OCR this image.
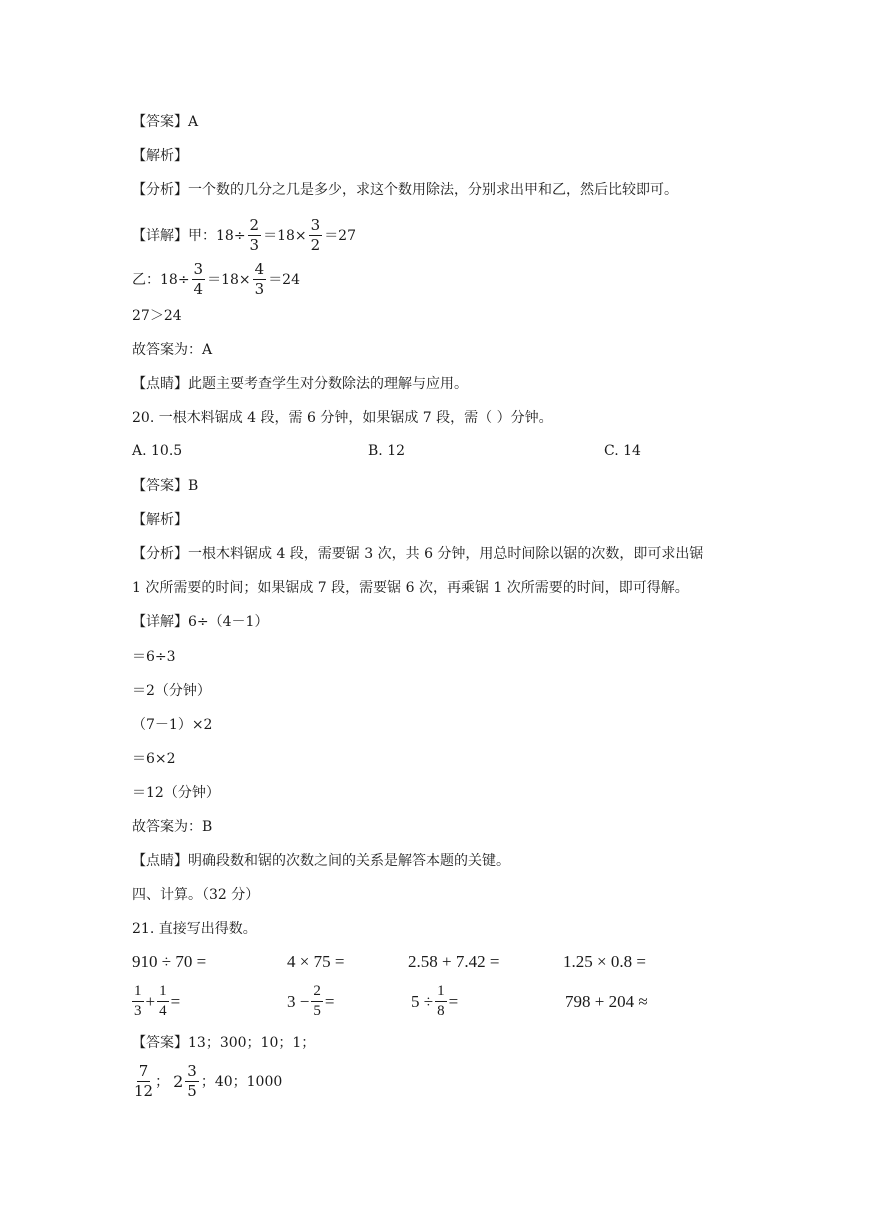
【答案】A
【解析】
【分析】一个数的几分之几是多少，求这个数用除法，分别求出甲和乙，然后比较即可。
【详解】甲：$18\div \frac{2}{3} =18\times \frac{3}{2} =27$
乙：$18\div \frac{3}{4} =18\times \frac{4}{3} =24$
27＞24
故答案为：A
【点睛】此题主要考查学生对分数除法的理解与应用。
20. 一根木料锯成 4 段，需 6 分钟，如果锯成 7 段，需（ ）分钟。
A. 10.5	B. 12	C. 14
【答案】B
【解析】
【分析】一根木料锯成 4 段，需要锯 3 次，共 6 分钟，用总时间除以锯的次数，即可求出锯
1 次所需要的时间；如果锯成 7 段，需要锯 6 次，再乘锯 1 次所需要的时间，即可得解。
【详解】6÷（4－1）
＝6÷3
＝2（分钟）
（7－1）×2
＝6×2
＝12（分钟）
故答案为：B
【点睛】明确段数和锯的次数之间的关系是解答本题的关键。
四、计算。（32 分）
21. 直接写出得数。
910 ÷ 70 =	4 × 75 =	2.58 + 7.42 =	1.25 × 0.8 =
$\frac{1}{3} + \frac{1}{4}$ =	$3 - \frac{2}{5}$ =	$5 \div \frac{1}{8}$ =	798 + 204 ≈
【答案】13；300；10；1；
$\frac{7}{12}$ ； $2 \frac{3}{5}$ ；40；1000
